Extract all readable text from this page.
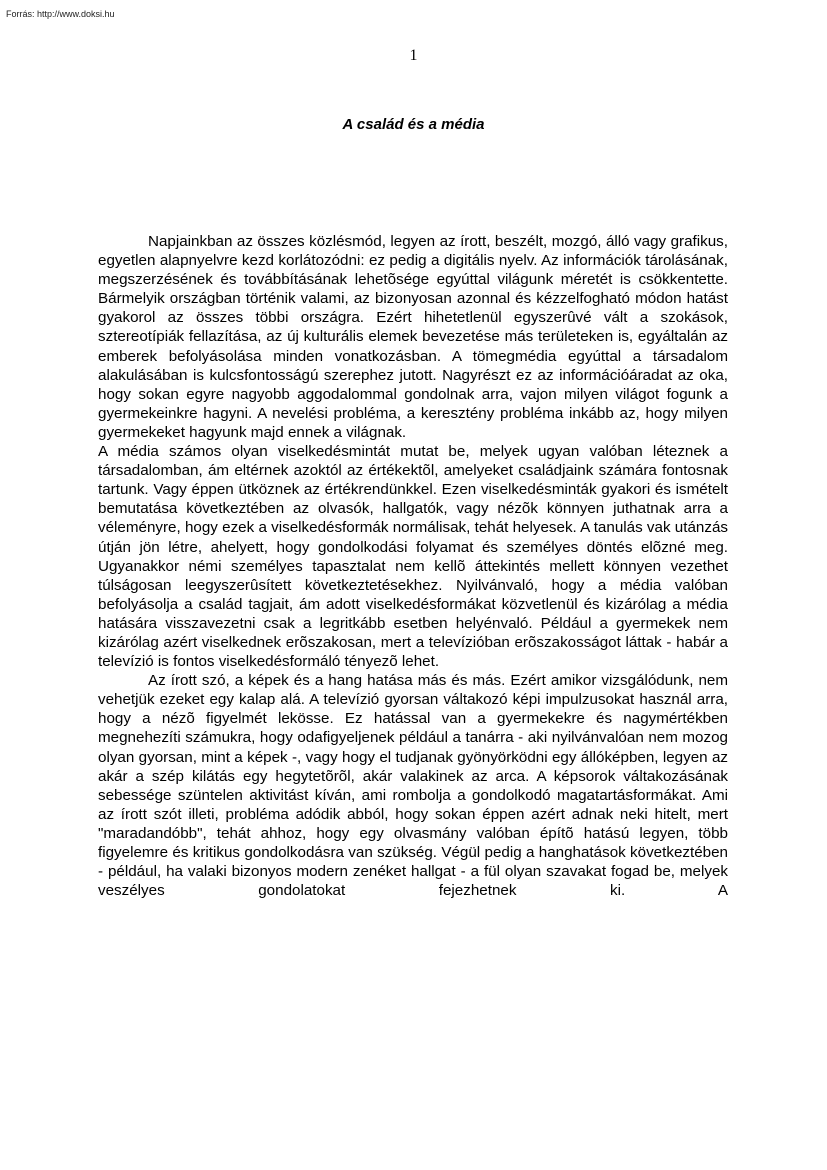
Forrás: http://www.doksi.hu

1

A család és a média

Napjainkban az összes közlésmód, legyen az írott, beszélt, mozgó, álló vagy grafikus, egyetlen alapnyelvre kezd korlátozódni: ez pedig a digitális nyelv. Az információk tárolásának, megszerzésének és továbbításának lehetõsége egyúttal világunk méretét is csökkentette. Bármelyik országban történik valami, az bizonyosan azonnal és kézzelfogható módon hatást gyakorol az összes többi országra. Ezért hihetetlenül egyszerûvé vált a szokások, sztereotípiák fellazítása, az új kulturális elemek bevezetése más területeken is, egyáltalán az emberek befolyásolása minden vonatkozásban. A tömegmédia egyúttal a társadalom alakulásában is kulcsfontosságú szerephez jutott. Nagyrészt ez az információáradat az oka, hogy sokan egyre nagyobb aggodalommal gondolnak arra, vajon milyen világot fogunk a gyermekeinkre hagyni. A nevelési probléma, a keresztény probléma inkább az, hogy milyen gyermekeket hagyunk majd ennek a világnak.

A média számos olyan viselkedésmintát mutat be, melyek ugyan valóban léteznek a társadalomban, ám eltérnek azoktól az értékektõl, amelyeket családjaink számára fontosnak tartunk. Vagy éppen ütköznek az értékrendünkkel. Ezen viselkedésminták gyakori és ismételt bemutatása következtében az olvasók, hallgatók, vagy nézõk könnyen juthatnak arra a véleményre, hogy ezek a viselkedésformák normálisak, tehát helyesek. A tanulás vak utánzás útján jön létre, ahelyett, hogy gondolkodási folyamat és személyes döntés elõzné meg. Ugyanakkor némi személyes tapasztalat nem kellõ áttekintés mellett könnyen vezethet túlságosan leegyszerûsített következtetésekhez. Nyilvánvaló, hogy a média valóban befolyásolja a család tagjait, ám adott viselkedésformákat közvetlenül és kizárólag a média hatására visszavezetni csak a legritkább esetben helyénvaló. Például a gyermekek nem kizárólag azért viselkednek erõszakosan, mert a televízióban erõszakosságot láttak - habár a televízió is fontos viselkedésformáló tényezõ lehet.

Az írott szó, a képek és a hang hatása más és más. Ezért amikor vizsgálódunk, nem vehetjük ezeket egy kalap alá. A televízió gyorsan váltakozó képi impulzusokat használ arra, hogy a nézõ figyelmét lekösse. Ez hatással van a gyermekekre és nagymértékben megnehezíti számukra, hogy odafigyeljenek például a tanárra - aki nyilvánvalóan nem mozog olyan gyorsan, mint a képek -, vagy hogy el tudjanak gyönyörködni egy állóképben, legyen az akár a szép kilátás egy hegytetõrõl, akár valakinek az arca. A képsorok váltakozásának sebessége szüntelen aktivitást kíván, ami rombolja a gondolkodó magatartásformákat. Ami az írott szót illeti, probléma adódik abból, hogy sokan éppen azért adnak neki hitelt, mert "maradandóbb", tehát ahhoz, hogy egy olvasmány valóban építõ hatású legyen, több figyelemre és kritikus gondolkodásra van szükség. Végül pedig a hanghatások következtében - például, ha valaki bizonyos modern zenéket hallgat - a fül olyan szavakat fogad be, melyek veszélyes gondolatokat fejezhetnek ki. A
